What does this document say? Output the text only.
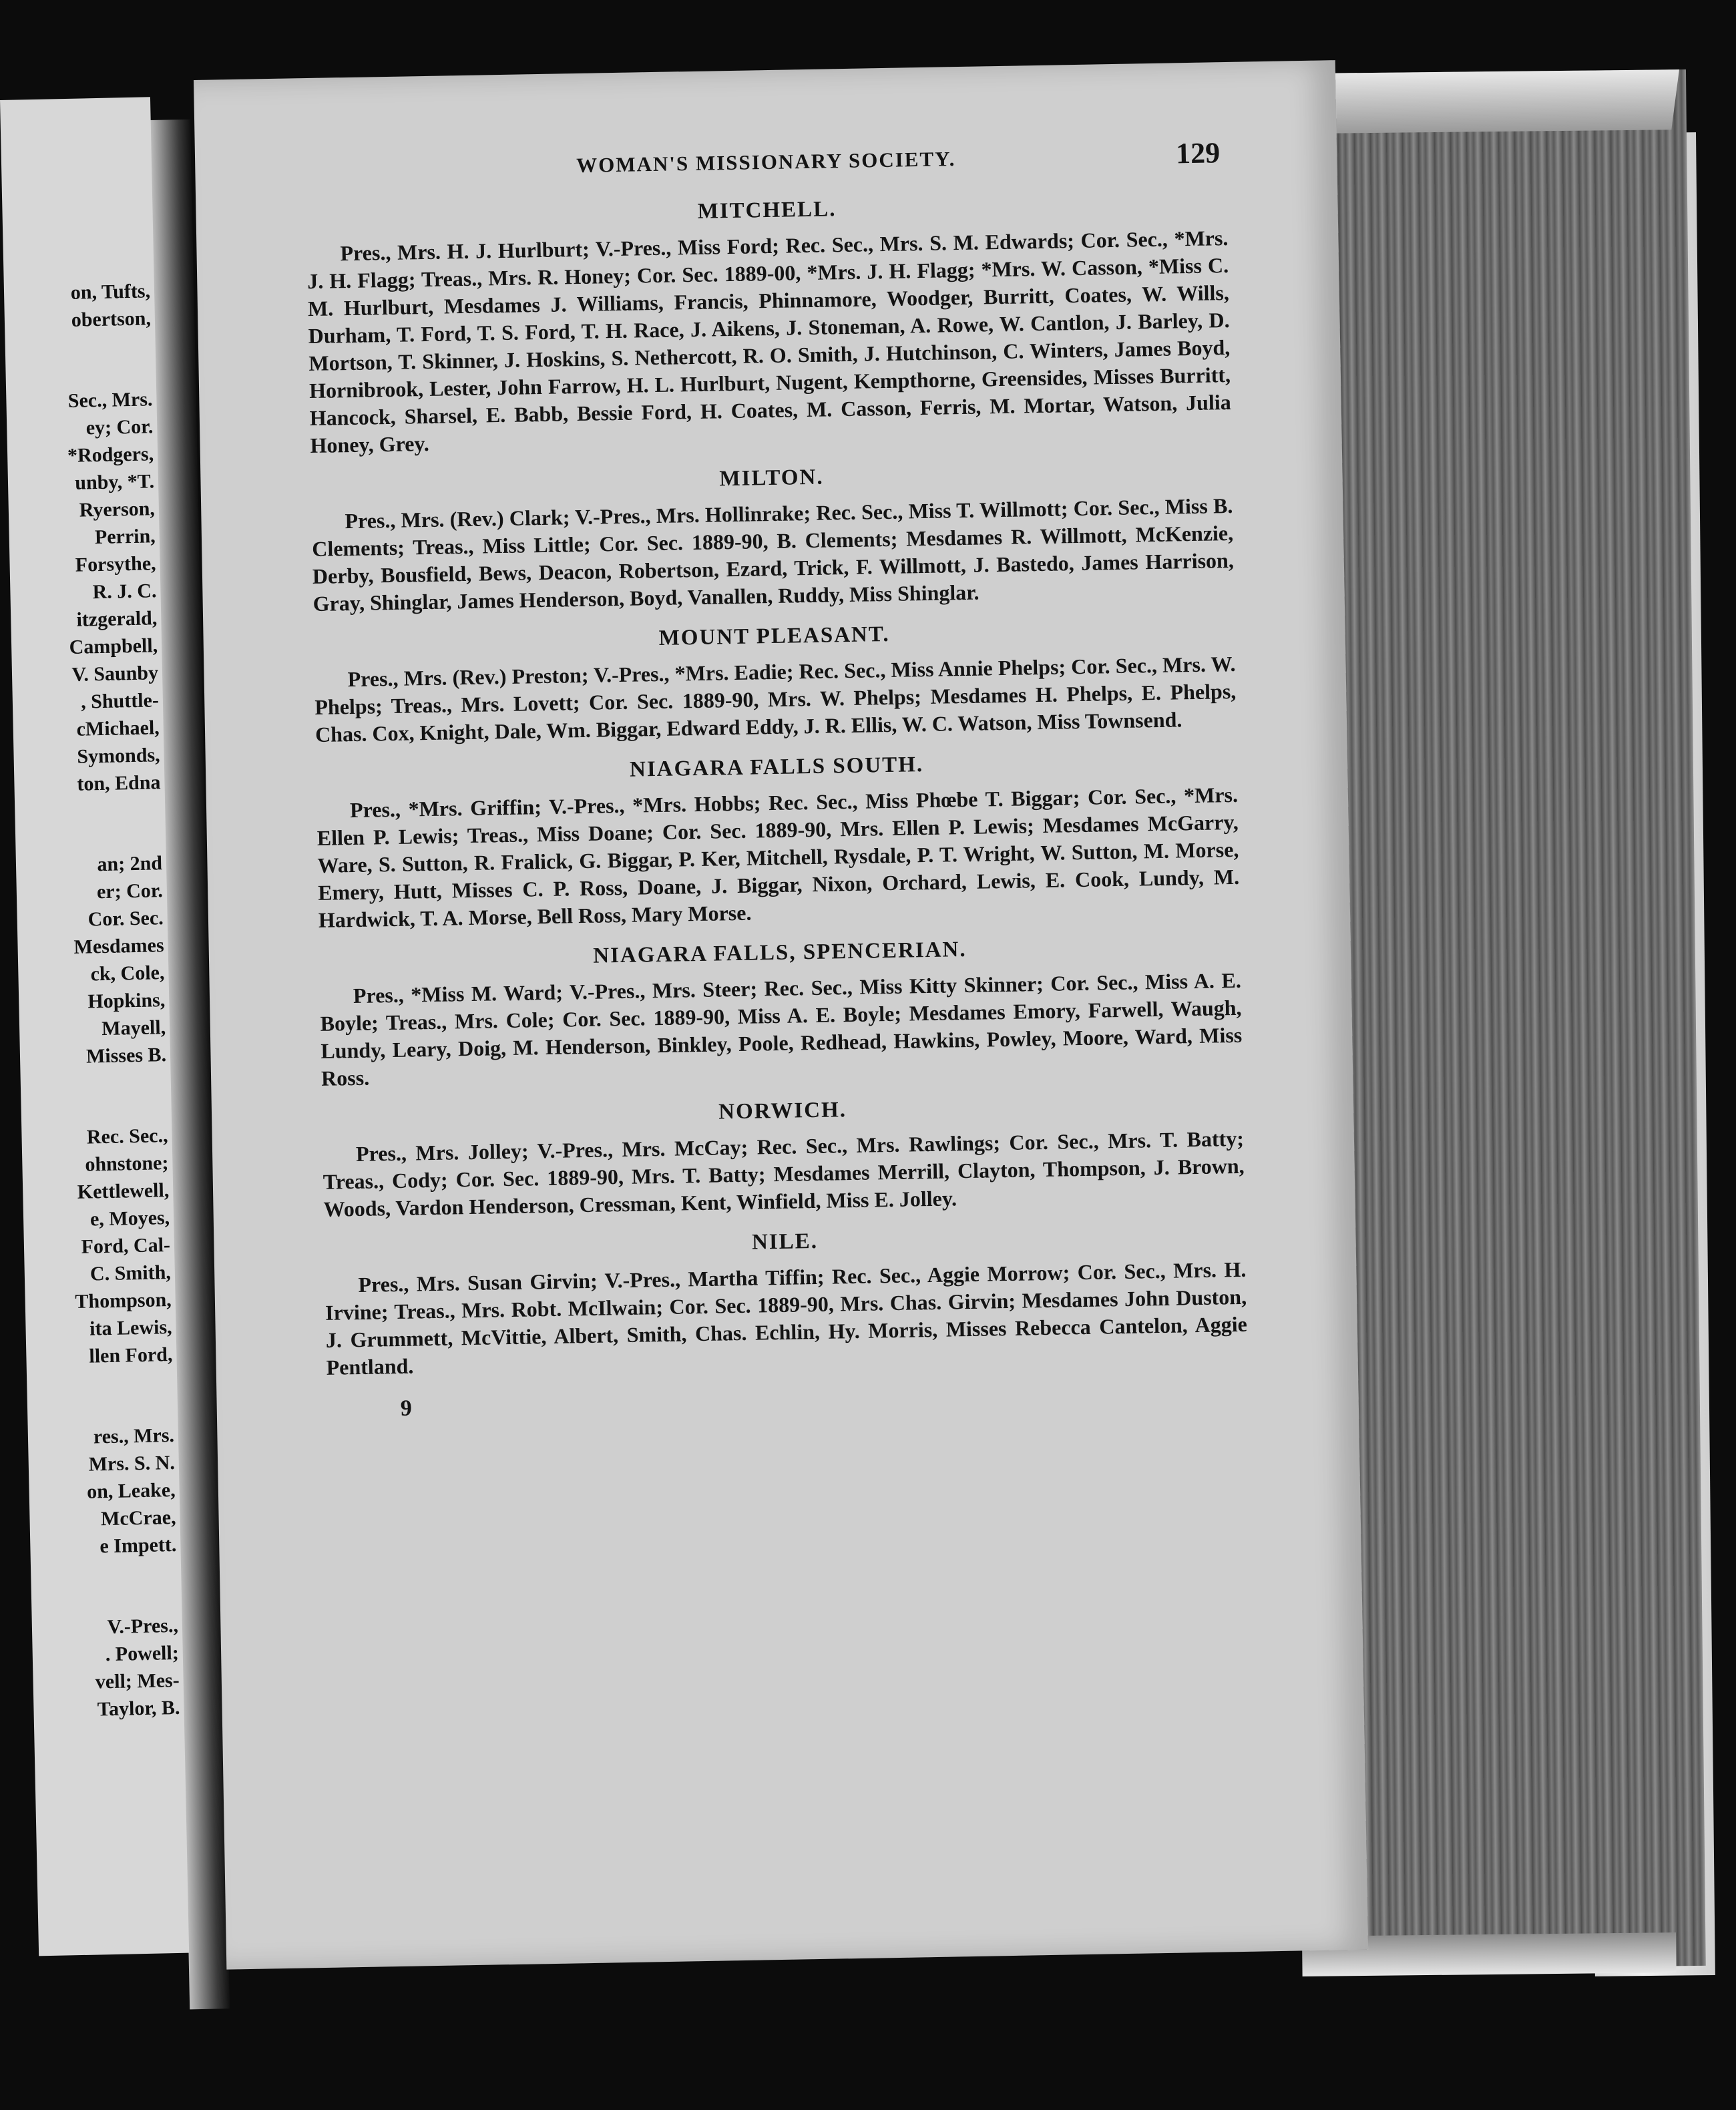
on, Tufts,
obertson,
Sec., Mrs.
ey; Cor.
*Rodgers,
unby, *T.
Ryerson,
Perrin,
Forsythe,
R. J. C.
itzgerald,
Campbell,
V. Saunby
, Shuttle-
cMichael,
Symonds,
ton, Edna
an; 2nd
er; Cor.
Cor. Sec.
Mesdames
ck, Cole,
Hopkins,
Mayell,
Misses B.
Rec. Sec.,
ohnstone;
Kettlewell,
e, Moyes,
Ford, Cal-
C. Smith,
Thompson,
ita Lewis,
llen Ford,
res., Mrs.
Mrs. S. N.
on, Leake,
McCrae,
e Impett.
V.-Pres.,
. Powell;
vell; Mes-
Taylor, B.
WOMAN'S MISSIONARY SOCIETY.	129
MITCHELL.

Pres., Mrs. H. J. Hurlburt; V.-Pres., Miss Ford; Rec. Sec., Mrs. S. M. Edwards; Cor. Sec., *Mrs. J. H. Flagg; Treas., Mrs. R. Honey; Cor. Sec. 1889-00, *Mrs. J. H. Flagg; *Mrs. W. Casson, *Miss C. M. Hurlburt, Mesdames J. Williams, Francis, Phinnamore, Woodger, Burritt, Coates, W. Wills, Durham, T. Ford, T. S. Ford, T. H. Race, J. Aikens, J. Stoneman, A. Rowe, W. Cantlon, J. Barley, D. Mortson, T. Skinner, J. Hoskins, S. Nethercott, R. O. Smith, J. Hutchinson, C. Winters, James Boyd, Hornibrook, Lester, John Farrow, H. L. Hurlburt, Nugent, Kempthorne, Greensides, Misses Burritt, Hancock, Sharsel, E. Babb, Bessie Ford, H. Coates, M. Casson, Ferris, M. Mortar, Watson, Julia Honey, Grey.

MILTON.

Pres., Mrs. (Rev.) Clark; V.-Pres., Mrs. Hollinrake; Rec. Sec., Miss T. Willmott; Cor. Sec., Miss B. Clements; Treas., Miss Little; Cor. Sec. 1889-90, B. Clements; Mesdames R. Willmott, McKenzie, Derby, Bousfield, Bews, Deacon, Robertson, Ezard, Trick, F. Willmott, J. Bastedo, James Harrison, Gray, Shinglar, James Henderson, Boyd, Vanallen, Ruddy, Miss Shinglar.

MOUNT PLEASANT.

Pres., Mrs. (Rev.) Preston; V.-Pres., *Mrs. Eadie; Rec. Sec., Miss Annie Phelps; Cor. Sec., Mrs. W. Phelps; Treas., Mrs. Lovett; Cor. Sec. 1889-90, Mrs. W. Phelps; Mesdames H. Phelps, E. Phelps, Chas. Cox, Knight, Dale, Wm. Biggar, Edward Eddy, J. R. Ellis, W. C. Watson, Miss Townsend.

NIAGARA FALLS SOUTH.

Pres., *Mrs. Griffin; V.-Pres., *Mrs. Hobbs; Rec. Sec., Miss Phœbe T. Biggar; Cor. Sec., *Mrs. Ellen P. Lewis; Treas., Miss Doane; Cor. Sec. 1889-90, Mrs. Ellen P. Lewis; Mesdames McGarry, Ware, S. Sutton, R. Fralick, G. Biggar, P. Ker, Mitchell, Rysdale, P. T. Wright, W. Sutton, M. Morse, Emery, Hutt, Misses C. P. Ross, Doane, J. Biggar, Nixon, Orchard, Lewis, E. Cook, Lundy, M. Hardwick, T. A. Morse, Bell Ross, Mary Morse.

NIAGARA FALLS, SPENCERIAN.

Pres., *Miss M. Ward; V.-Pres., Mrs. Steer; Rec. Sec., Miss Kitty Skinner; Cor. Sec., Miss A. E. Boyle; Treas., Mrs. Cole; Cor. Sec. 1889-90, Miss A. E. Boyle; Mesdames Emory, Farwell, Waugh, Lundy, Leary, Doig, M. Henderson, Binkley, Poole, Redhead, Hawkins, Powley, Moore, Ward, Miss Ross.

NORWICH.

Pres., Mrs. Jolley; V.-Pres., Mrs. McCay; Rec. Sec., Mrs. Rawlings; Cor. Sec., Mrs. T. Batty; Treas., Cody; Cor. Sec. 1889-90, Mrs. T. Batty; Mesdames Merrill, Clayton, Thompson, J. Brown, Woods, Vardon Henderson, Cressman, Kent, Winfield, Miss E. Jolley.

NILE.

Pres., Mrs. Susan Girvin; V.-Pres., Martha Tiffin; Rec. Sec., Aggie Morrow; Cor. Sec., Mrs. H. Irvine; Treas., Mrs. Robt. McIlwain; Cor. Sec. 1889-90, Mrs. Chas. Girvin; Mesdames John Duston, J. Grummett, McVittie, Albert, Smith, Chas. Echlin, Hy. Morris, Misses Rebecca Cantelon, Aggie Pentland.

9
